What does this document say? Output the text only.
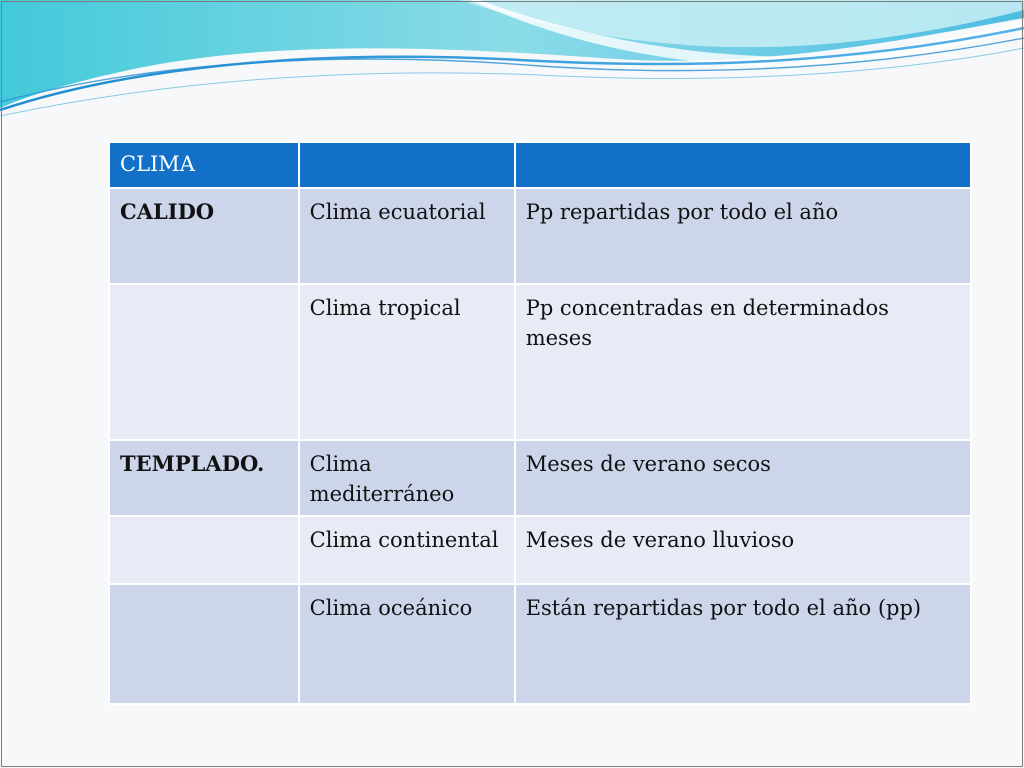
CLIMA		
CALIDO	Clima ecuatorial	Pp repartidas por todo el año
	Clima tropical	Pp concentradas en determinados meses
TEMPLADO.	Clima mediterráneo	Meses de verano secos
	Clima continental	Meses de verano lluvioso
	Clima oceánico	Están repartidas por todo el año (pp)
